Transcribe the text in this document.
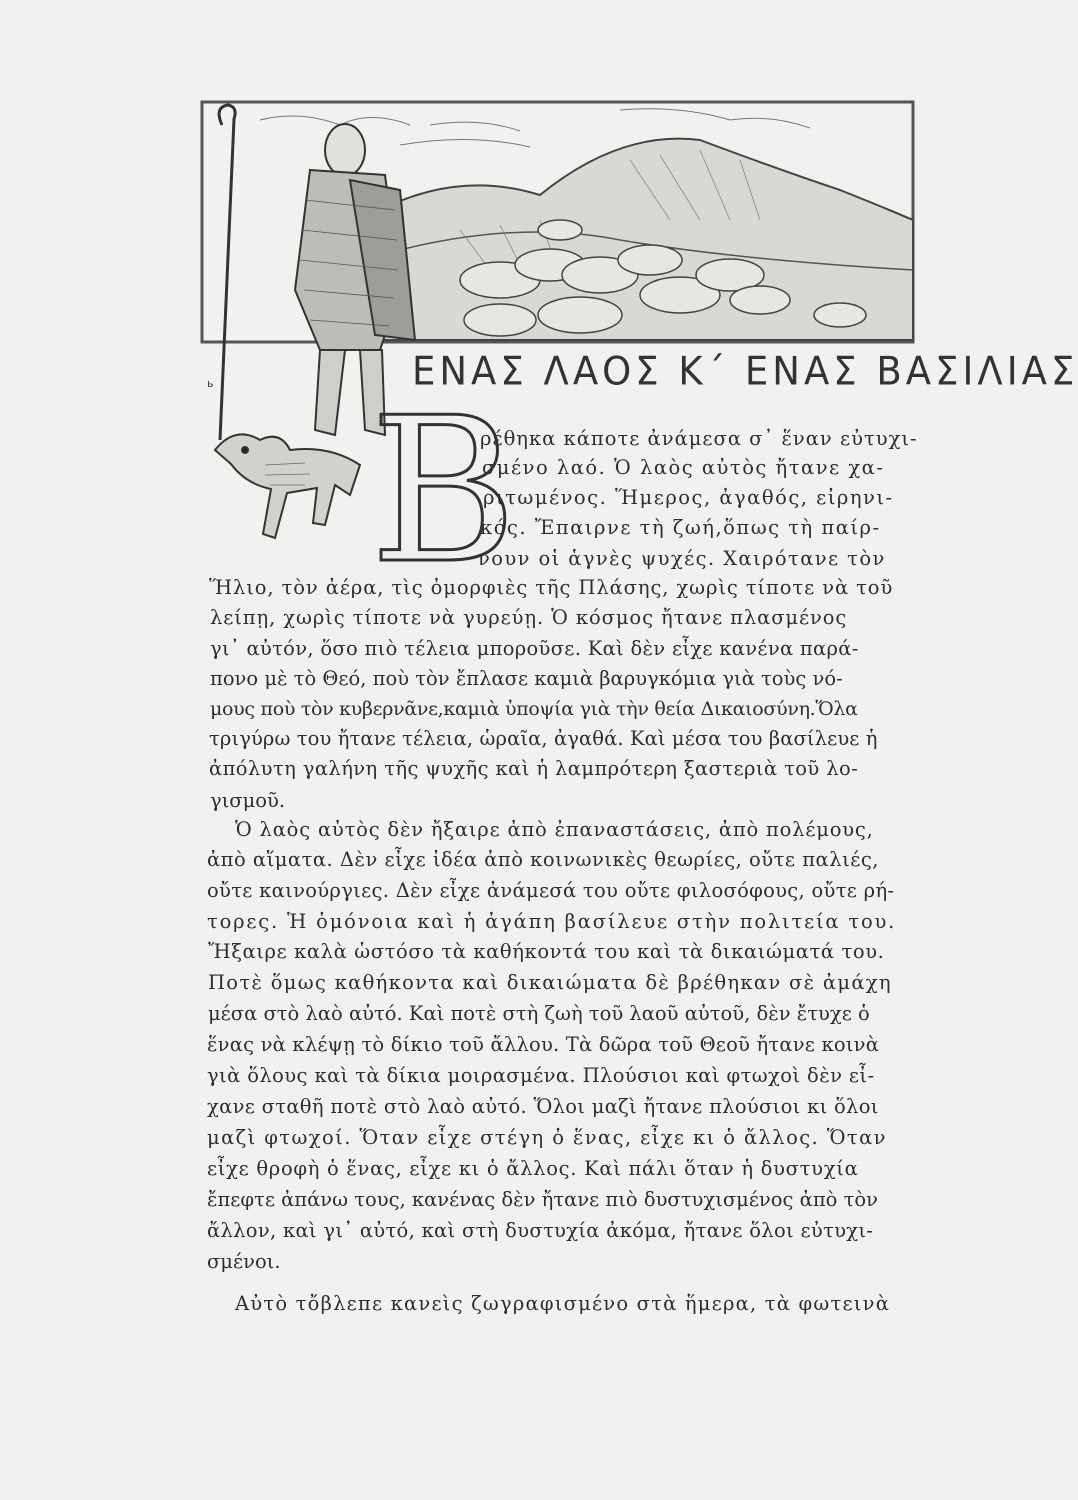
ь	ΕΝΑΣ ΛΑΟΣ Κ΄ ΕΝΑΣ ΒΑΣΙΛΙΑΣ
Β
ρέθηκα κάποτε ἀνάμεσα σ᾽ ἕναν εὐτυχι-
σμένο λαό. Ὁ λαὸς αὐτὸς ἤτανε χα-
ριτωμένος. Ἥμερος, ἀγαθός, εἰρηνι-
κός. Ἔπαιρνε τὴ ζωή,ὅπως τὴ παίρ-
νουν οἱ ἁγνὲς ψυχές. Χαιρότανε τὸν
Ἥλιο, τὸν ἀέρα, τὶς ὀμορφιὲς τῆς Πλάσης, χωρὶς τίποτε νὰ τοῦ
λείπῃ, χωρὶς τίποτε νὰ γυρεύῃ. Ὁ κόσμος ἤτανε πλασμένος
γι᾽ αὐτόν, ὅσο πιὸ τέλεια μποροῦσε. Καὶ δὲν εἶχε κανένα παρά-
πονο μὲ τὸ Θεό, ποὺ τὸν ἔπλασε καμιὰ βαρυγκόμια γιὰ τοὺς νό-
μους ποὺ τὸν κυβερνᾶνε,καμιὰ ὑποψία γιὰ τὴν θεία Δικαιοσύνη.Ὅλα
τριγύρω του ἤτανε τέλεια, ὡραῖα, ἀγαθά. Καὶ μέσα του βασίλευε ἡ
ἀπόλυτη γαλήνη τῆς ψυχῆς καὶ ἡ λαμπρότερη ξαστεριὰ τοῦ λο-
γισμοῦ.
Ὁ λαὸς αὐτὸς δὲν ἤξαιρε ἀπὸ ἐπαναστάσεις, ἀπὸ πολέμους,
ἀπὸ αἵματα. Δὲν εἶχε ἰδέα ἀπὸ κοινωνικὲς θεωρίες, οὔτε παλιές,
οὔτε καινούργιες. Δὲν εἶχε ἀνάμεσά του οὔτε φιλοσόφους, οὔτε ρή-
τορες. Ἡ ὁμόνοια καὶ ἡ ἀγάπη βασίλευε στὴν πολιτεία του.
Ἤξαιρε καλὰ ὡστόσο τὰ καθήκοντά του καὶ τὰ δικαιώματά του.
Ποτὲ ὅμως καθήκοντα καὶ δικαιώματα δὲ βρέθηκαν σὲ ἀμάχη
μέσα στὸ λαὸ αὐτό. Καὶ ποτὲ στὴ ζωὴ τοῦ λαοῦ αὐτοῦ, δὲν ἔτυχε ὁ
ἕνας νὰ κλέψῃ τὸ δίκιο τοῦ ἄλλου. Τὰ δῶρα τοῦ Θεοῦ ἤτανε κοινὰ
γιὰ ὅλους καὶ τὰ δίκια μοιρασμένα. Πλούσιοι καὶ φτωχοὶ δὲν εἶ-
χανε σταθῆ ποτὲ στὸ λαὸ αὐτό. Ὅλοι μαζὶ ἤτανε πλούσιοι κι ὅλοι
μαζὶ φτωχοί. Ὅταν εἶχε στέγη ὁ ἕνας, εἶχε κι ὁ ἄλλος. Ὅταν
εἶχε θροφὴ ὁ ἕνας, εἶχε κι ὁ ἄλλος. Καὶ πάλι ὅταν ἡ δυστυχία
ἔπεφτε ἀπάνω τους, κανένας δὲν ἤτανε πιὸ δυστυχισμένος ἀπὸ τὸν
ἄλλον, καὶ γι᾽ αὐτό, καὶ στὴ δυστυχία ἀκόμα, ἤτανε ὅλοι εὐτυχι-
σμένοι.
Αὐτὸ τὄβλεπε κανεὶς ζωγραφισμένο στὰ ἥμερα, τὰ φωτεινὰ
